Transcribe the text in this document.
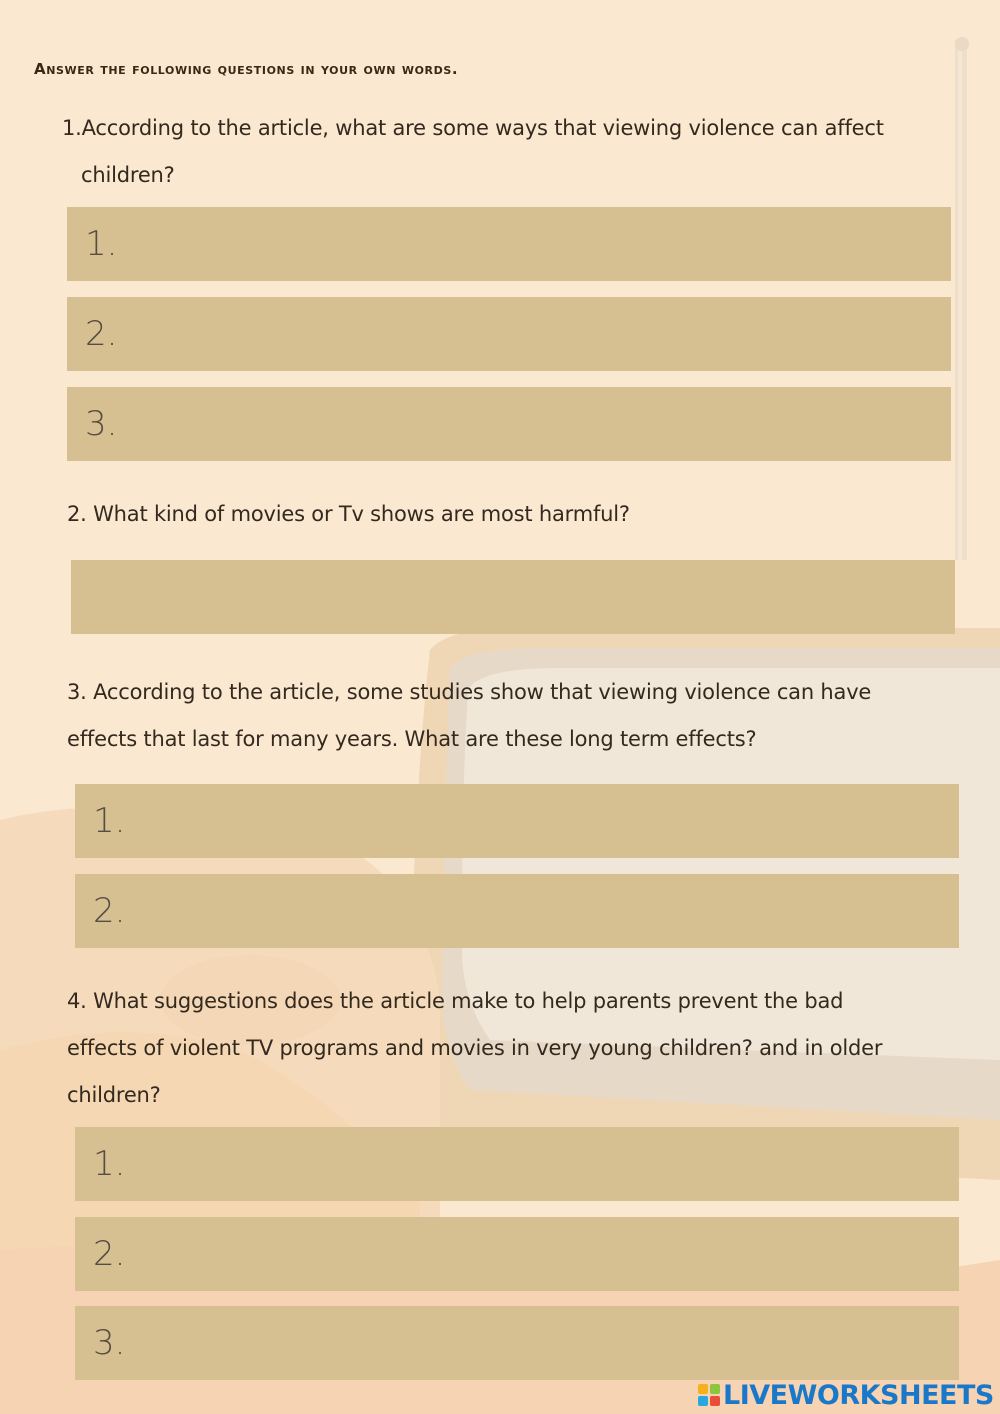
Answer the following questions in your own words.
1.According to the article, what are some ways that viewing violence can affect
children?
1.
2.
3.
2. What kind of movies or Tv shows are most harmful?
3. According to the article, some studies show that viewing violence can have
effects that last for many years. What are these long term effects?
1.
2.
4. What suggestions does the article make to help parents prevent the bad
effects of violent TV programs and movies in very young children? and in older
children?
1.
2.
3.
LIVEWORKSHEETS
